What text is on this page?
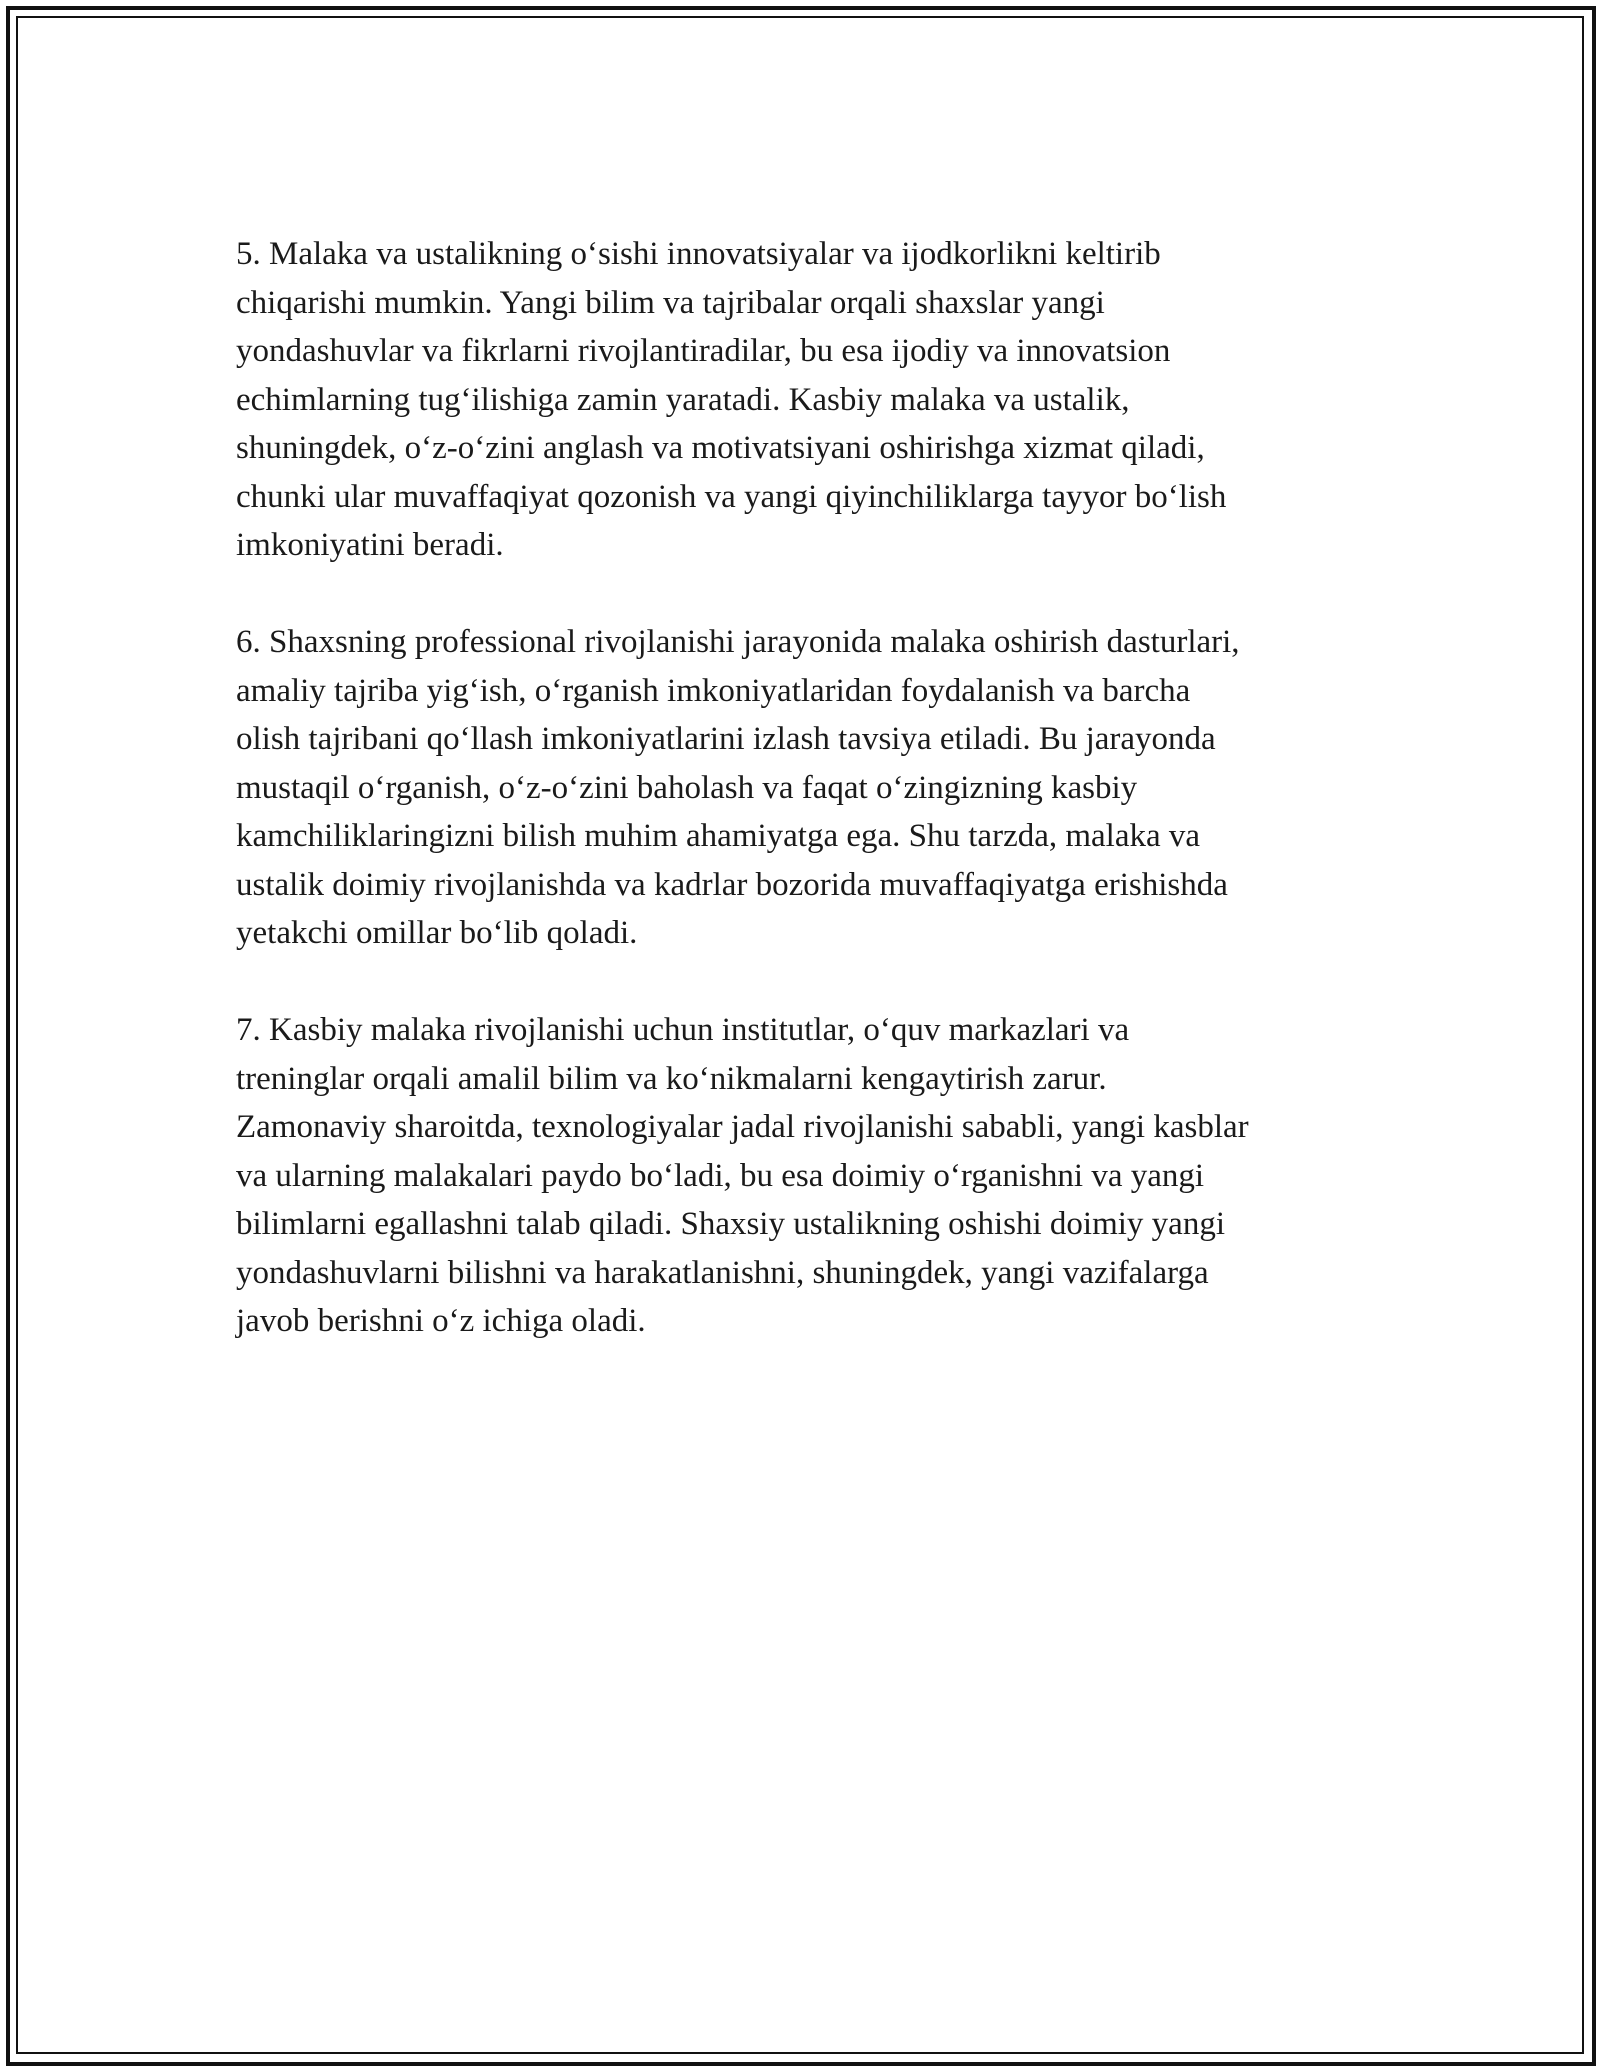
5. Malaka va ustalikning o‘sishi innovatsiyalar va ijodkorlikni keltirib
chiqarishi mumkin. Yangi bilim va tajribalar orqali shaxslar yangi
yondashuvlar va fikrlarni rivojlantiradilar, bu esa ijodiy va innovatsion
echimlarning tug‘ilishiga zamin yaratadi. Kasbiy malaka va ustalik,
shuningdek, o‘z-o‘zini anglash va motivatsiyani oshirishga xizmat qiladi,
chunki ular muvaffaqiyat qozonish va yangi qiyinchiliklarga tayyor bo‘lish
imkoniyatini beradi.

6. Shaxsning professional rivojlanishi jarayonida malaka oshirish dasturlari,
amaliy tajriba yig‘ish, o‘rganish imkoniyatlaridan foydalanish va barcha
olish tajribani qo‘llash imkoniyatlarini izlash tavsiya etiladi. Bu jarayonda
mustaqil o‘rganish, o‘z-o‘zini baholash va faqat o‘zingizning kasbiy
kamchiliklaringizni bilish muhim ahamiyatga ega. Shu tarzda, malaka va
ustalik doimiy rivojlanishda va kadrlar bozorida muvaffaqiyatga erishishda
yetakchi omillar bo‘lib qoladi.

7. Kasbiy malaka rivojlanishi uchun institutlar, o‘quv markazlari va
treninglar orqali amalil bilim va ko‘nikmalarni kengaytirish zarur.
Zamonaviy sharoitda, texnologiyalar jadal rivojlanishi sababli, yangi kasblar
va ularning malakalari paydo bo‘ladi, bu esa doimiy o‘rganishni va yangi
bilimlarni egallashni talab qiladi. Shaxsiy ustalikning oshishi doimiy yangi
yondashuvlarni bilishni va harakatlanishni, shuningdek, yangi vazifalarga
javob berishni o‘z ichiga oladi.
